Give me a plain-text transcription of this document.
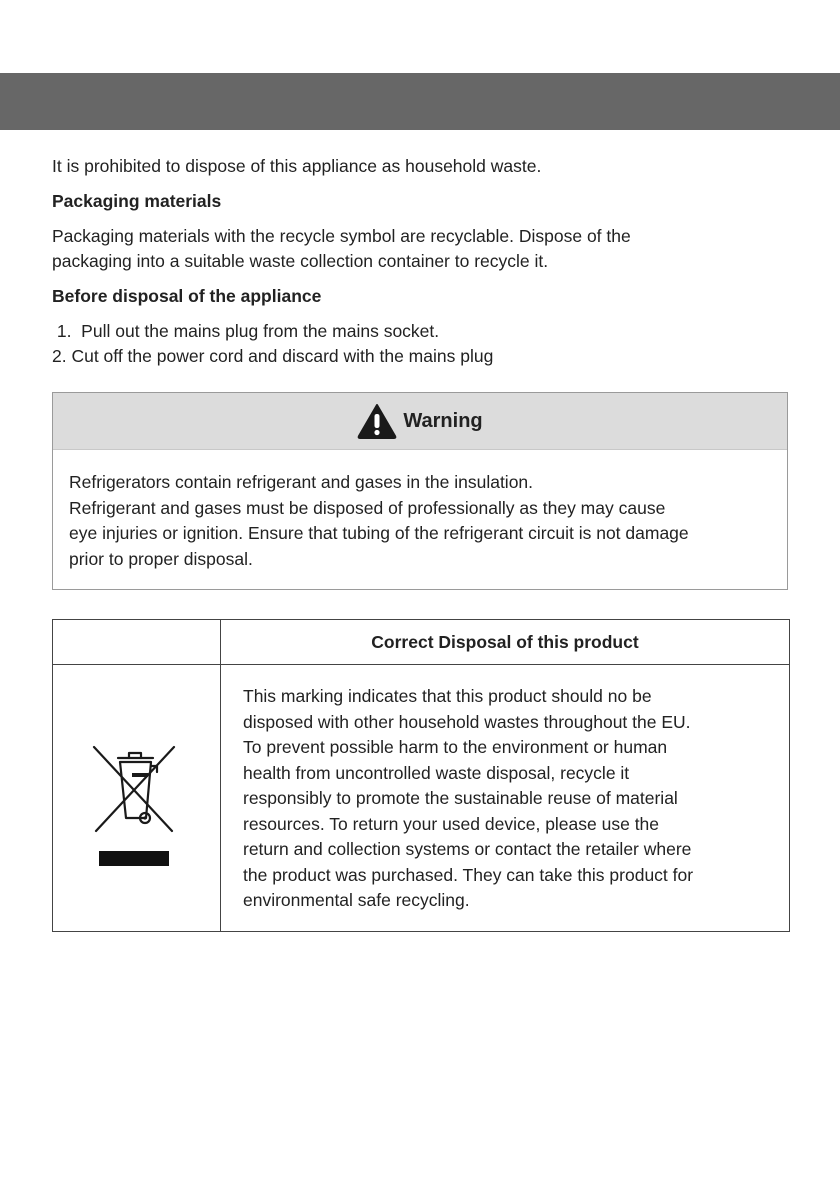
It is prohibited to dispose of this appliance as household waste.

Packaging materials

Packaging materials with the recycle symbol are recyclable. Dispose of the

packaging into a suitable waste collection container to recycle it.

Before disposal of the appliance

1.  Pull out the mains plug from the mains socket.

2. Cut off the power cord and discard with the mains plug

Warning

Refrigerators contain refrigerant and gases in the insulation.

Refrigerant and gases must be disposed of professionally as they may cause

eye injuries or ignition. Ensure that tubing of the refrigerant circuit is not damage

prior to proper disposal.

Correct Disposal of this product
This marking indicates that this product should no be
disposed with other household wastes throughout the EU.
To prevent possible harm to the environment or human
health from uncontrolled waste disposal, recycle it
responsibly to promote the sustainable reuse of material
resources. To return your used device, please use the
return and collection systems or contact the retailer where
the product was purchased. They can take this product for
environmental safe recycling.
